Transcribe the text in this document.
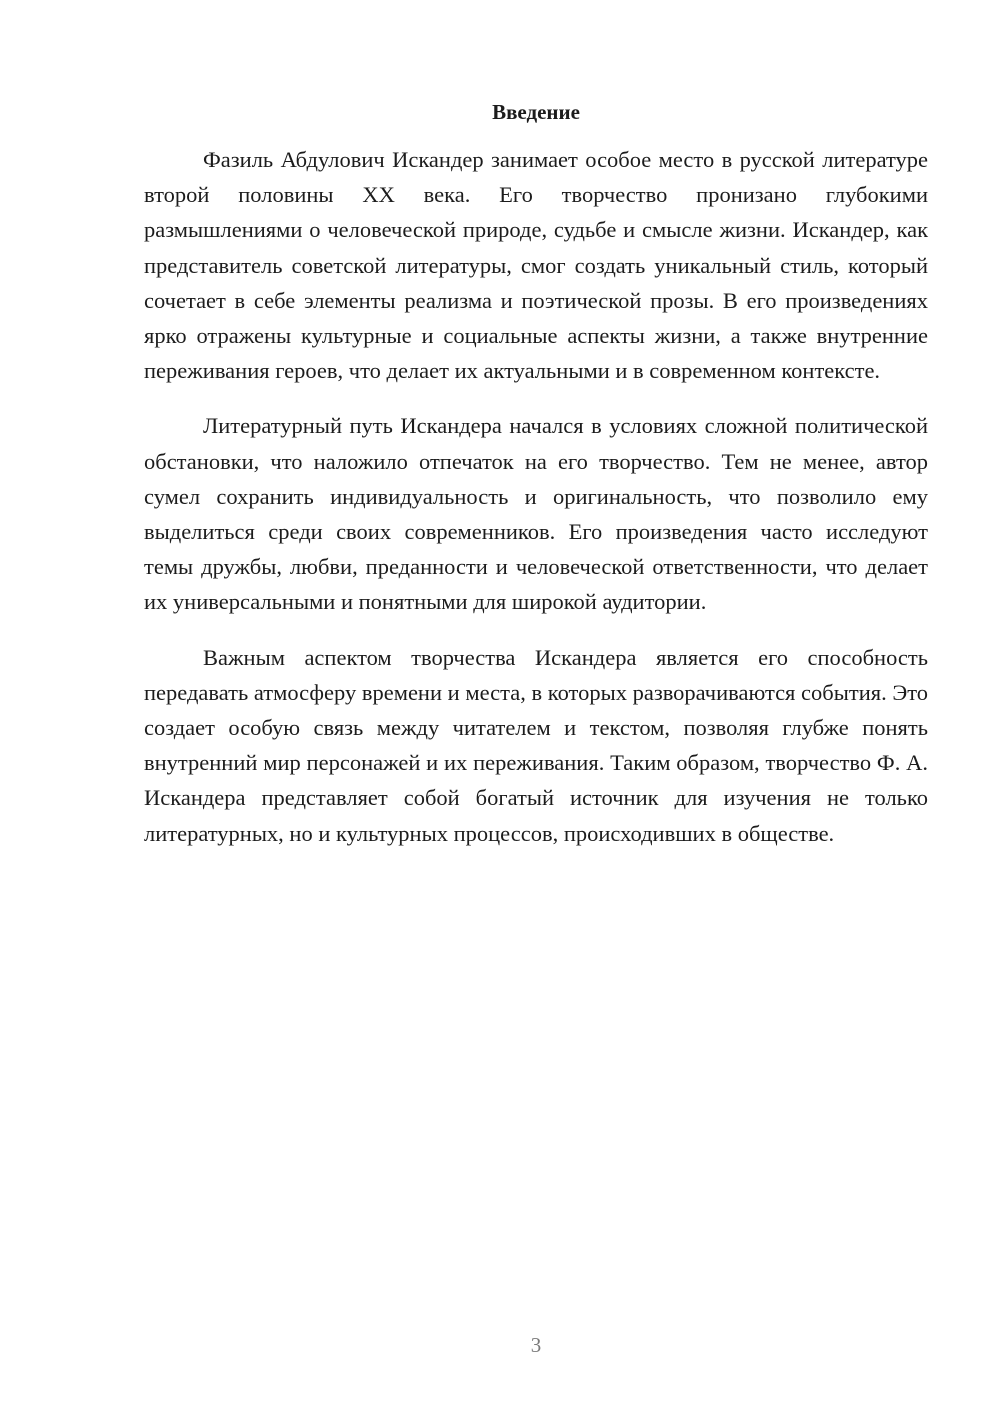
Введение

Фазиль Абдулович Искандер занимает особое место в русской литературе второй половины XX века. Его творчество пронизано глубокими размышлениями о человеческой природе, судьбе и смысле жизни. Искандер, как представитель советской литературы, смог создать уникальный стиль, который сочетает в себе элементы реализма и поэтической прозы. В его произведениях ярко отражены культурные и социальные аспекты жизни, а также внутренние переживания героев, что делает их актуальными и в современном контексте.

Литературный путь Искандера начался в условиях сложной политической обстановки, что наложило отпечаток на его творчество. Тем не менее, автор сумел сохранить индивидуальность и оригинальность, что позволило ему выделиться среди своих современников. Его произведения часто исследуют темы дружбы, любви, преданности и человеческой ответственности, что делает их универсальными и понятными для широкой аудитории.

Важным аспектом творчества Искандера является его способность передавать атмосферу времени и места, в которых разворачиваются события. Это создает особую связь между читателем и текстом, позволяя глубже понять внутренний мир персонажей и их переживания. Таким образом, творчество Ф. А. Искандера представляет собой богатый источник для изучения не только литературных, но и культурных процессов, происходивших в обществе.

3
